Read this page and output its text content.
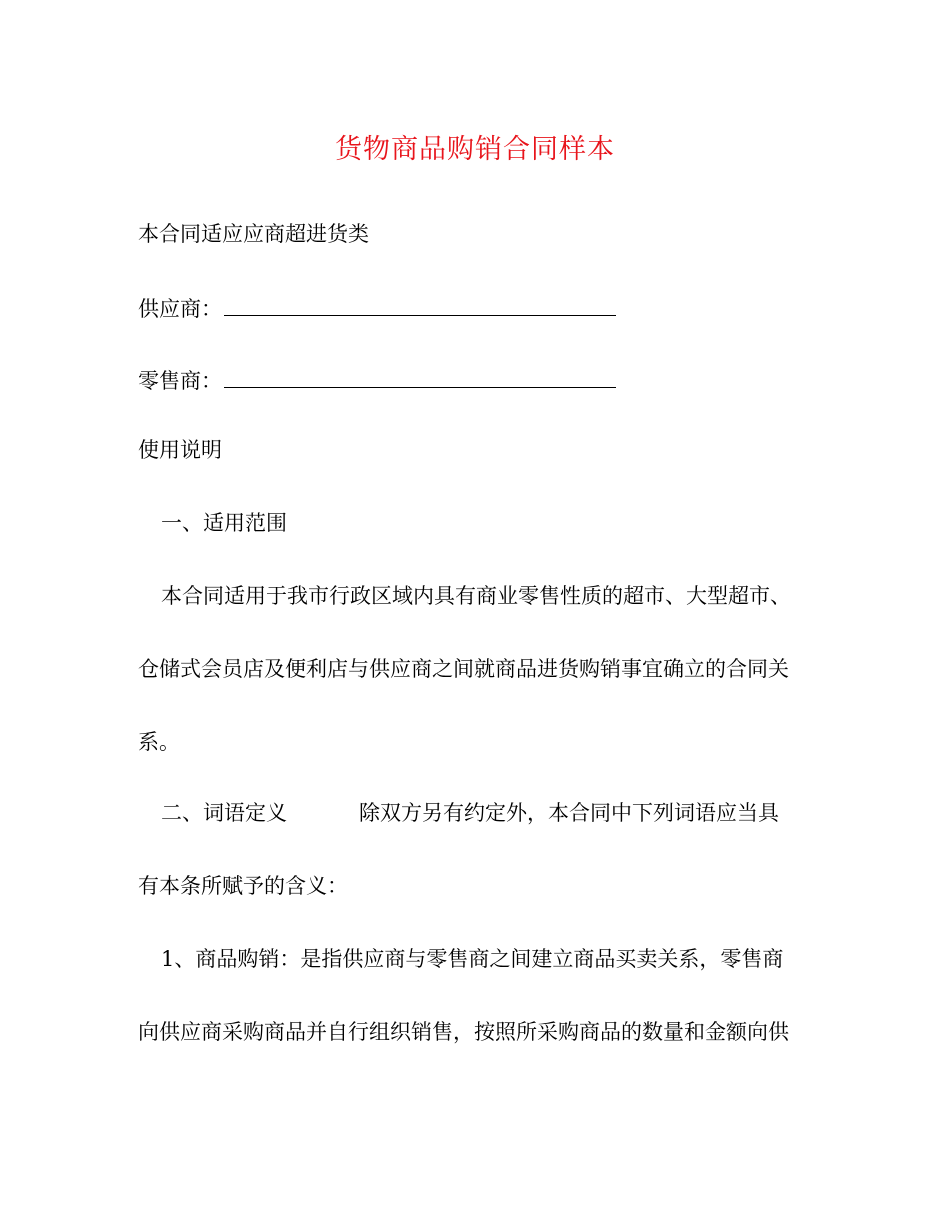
货物商品购销合同样本
本合同适应应商超进货类
供应商：
零售商：
使用说明
一、适用范围
本合同适用于我市行政区域内具有商业零售性质的超市、大型超市、
仓储式会员店及便利店与供应商之间就商品进货购销事宜确立的合同关
系。
二、词语定义	除双方另有约定外，本合同中下列词语应当具
有本条所赋予的含义：
1、商品购销：是指供应商与零售商之间建立商品买卖关系，零售商
向供应商采购商品并自行组织销售，按照所采购商品的数量和金额向供
